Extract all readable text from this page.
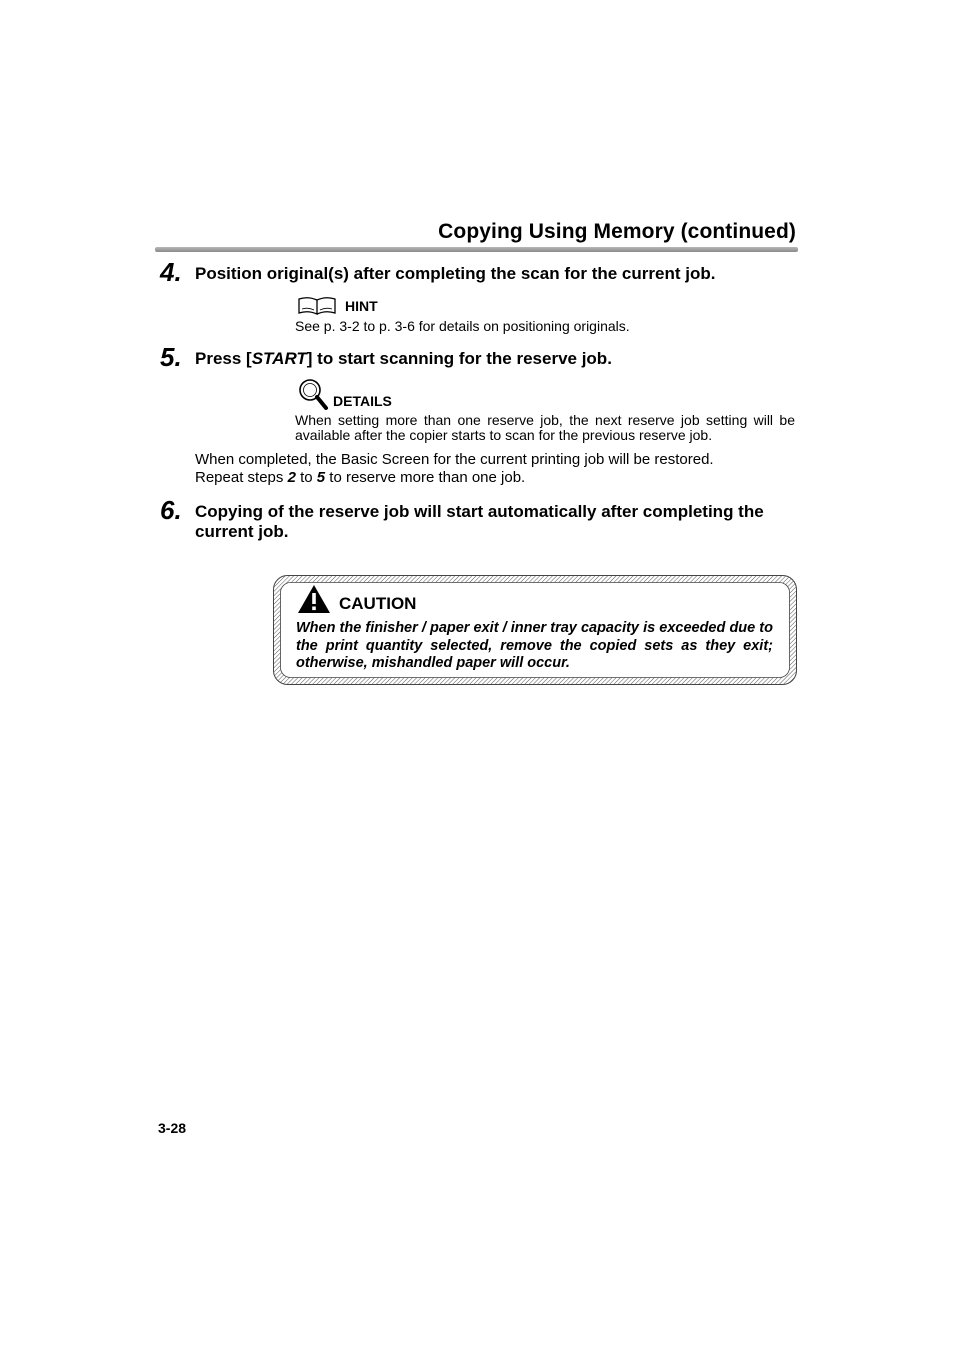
Copying Using Memory (continued)
4. Position original(s) after completing the scan for the current job.
HINT
See p. 3-2 to p. 3-6 for details on positioning originals.
5. Press [START] to start scanning for the reserve job.
DETAILS
When setting more than one reserve job, the next reserve job setting will be available after the copier starts to scan for the previous reserve job.
When completed, the Basic Screen for the current printing job will be restored.
Repeat steps 2 to 5 to reserve more than one job.
6. Copying of the reserve job will start automatically after completing the current job.
CAUTION
When the finisher / paper exit / inner tray capacity is exceeded due to the print quantity selected, remove the copied sets as they exit; otherwise, mishandled paper will occur.
3-28
